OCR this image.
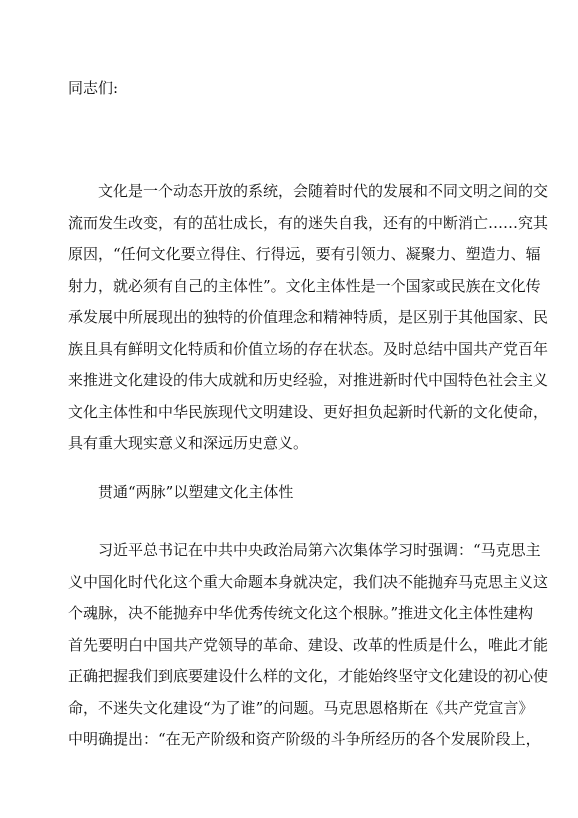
同志们:
文化是一个动态开放的系统，会随着时代的发展和不同文明之间的交
流而发生改变，有的茁壮成长，有的迷失自我，还有的中断消亡……究其
原因，“任何文化要立得住、行得远，要有引领力、凝聚力、塑造力、辐
射力，就必须有自己的主体性”。文化主体性是一个国家或民族在文化传
承发展中所展现出的独特的价值理念和精神特质，是区别于其他国家、民
族且具有鲜明文化特质和价值立场的存在状态。及时总结中国共产党百年
来推进文化建设的伟大成就和历史经验，对推进新时代中国特色社会主义
文化主体性和中华民族现代文明建设、更好担负起新时代新的文化使命，
具有重大现实意义和深远历史意义。
贯通“两脉”以塑建文化主体性
习近平总书记在中共中央政治局第六次集体学习时强调：“马克思主
义中国化时代化这个重大命题本身就决定，我们决不能抛弃马克思主义这
个魂脉，决不能抛弃中华优秀传统文化这个根脉。”推进文化主体性建构
首先要明白中国共产党领导的革命、建设、改革的性质是什么，唯此才能
正确把握我们到底要建设什么样的文化，才能始终坚守文化建设的初心使
命，不迷失文化建设“为了谁”的问题。马克思恩格斯在《共产党宣言》
中明确提出：“在无产阶级和资产阶级的斗争所经历的各个发展阶段上，
